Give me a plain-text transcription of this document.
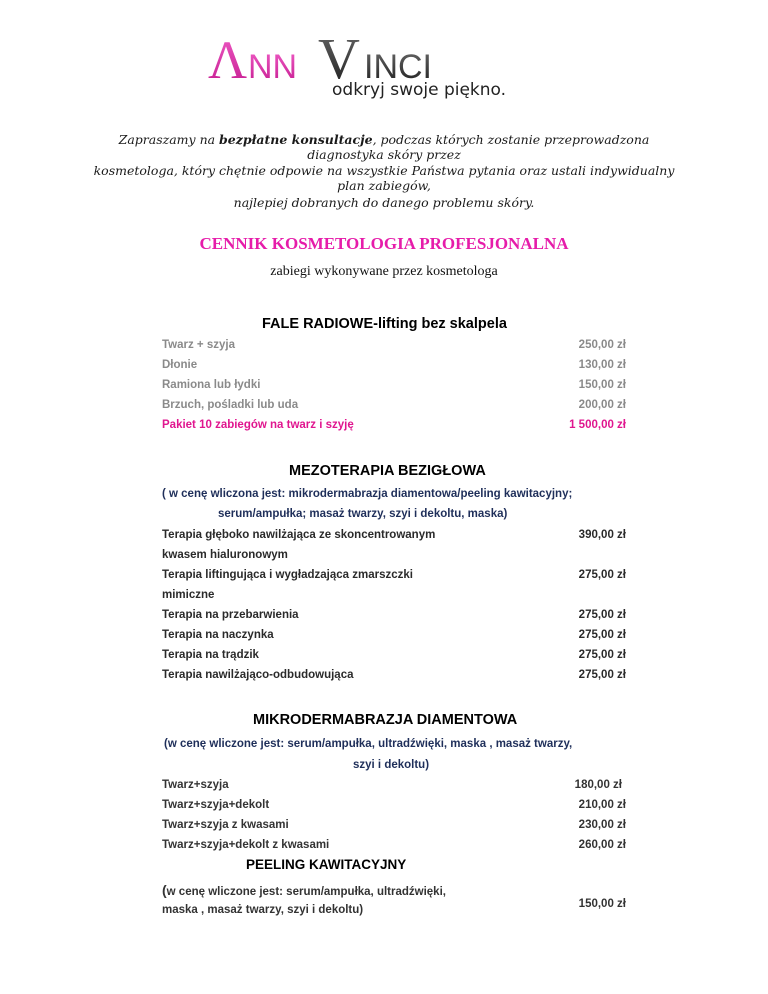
Λ NN V INCI
odkryj swoje piękno.
Zapraszamy na bezpłatne konsultacje, podczas których zostanie przeprowadzona diagnostyka skóry przez
kosmetologa, który chętnie odpowie na wszystkie Państwa pytania oraz ustali indywidualny plan zabiegów,
najlepiej dobranych do danego problemu skóry.
CENNIK KOSMETOLOGIA PROFESJONALNA
zabiegi wykonywane przez kosmetologa
FALE RADIOWE-lifting bez skalpela
Twarz + szyja	250,00 zł
Dłonie	130,00 zł
Ramiona lub łydki	150,00 zł
Brzuch, pośladki lub uda	200,00 zł
Pakiet 10 zabiegów na twarz i szyję	1 500,00 zł
MEZOTERAPIA BEZIGŁOWA
( w cenę wliczona jest: mikrodermabrazja diamentowa/peeling kawitacyjny;
serum/ampułka; masaż twarzy, szyi i dekoltu, maska)
Terapia głęboko nawilżająca ze skoncentrowanym	390,00 zł
kwasem hialuronowym
Terapia liftingująca i wygładzająca zmarszczki	275,00 zł
mimiczne
Terapia na przebarwienia	275,00 zł
Terapia na naczynka	275,00 zł
Terapia na trądzik	275,00 zł
Terapia nawilżająco-odbudowująca	275,00 zł
MIKRODERMABRAZJA DIAMENTOWA
(w cenę wliczone jest: serum/ampułka, ultradźwięki, maska , masaż twarzy,
szyi i dekoltu)
Twarz+szyja	180,00 zł
Twarz+szyja+dekolt	210,00 zł
Twarz+szyja z kwasami	230,00 zł
Twarz+szyja+dekolt z kwasami	260,00 zł
PEELING KAWITACYJNY
(w cenę wliczone jest: serum/ampułka, ultradźwięki,
maska , masaż twarzy, szyi i dekoltu)	150,00 zł
